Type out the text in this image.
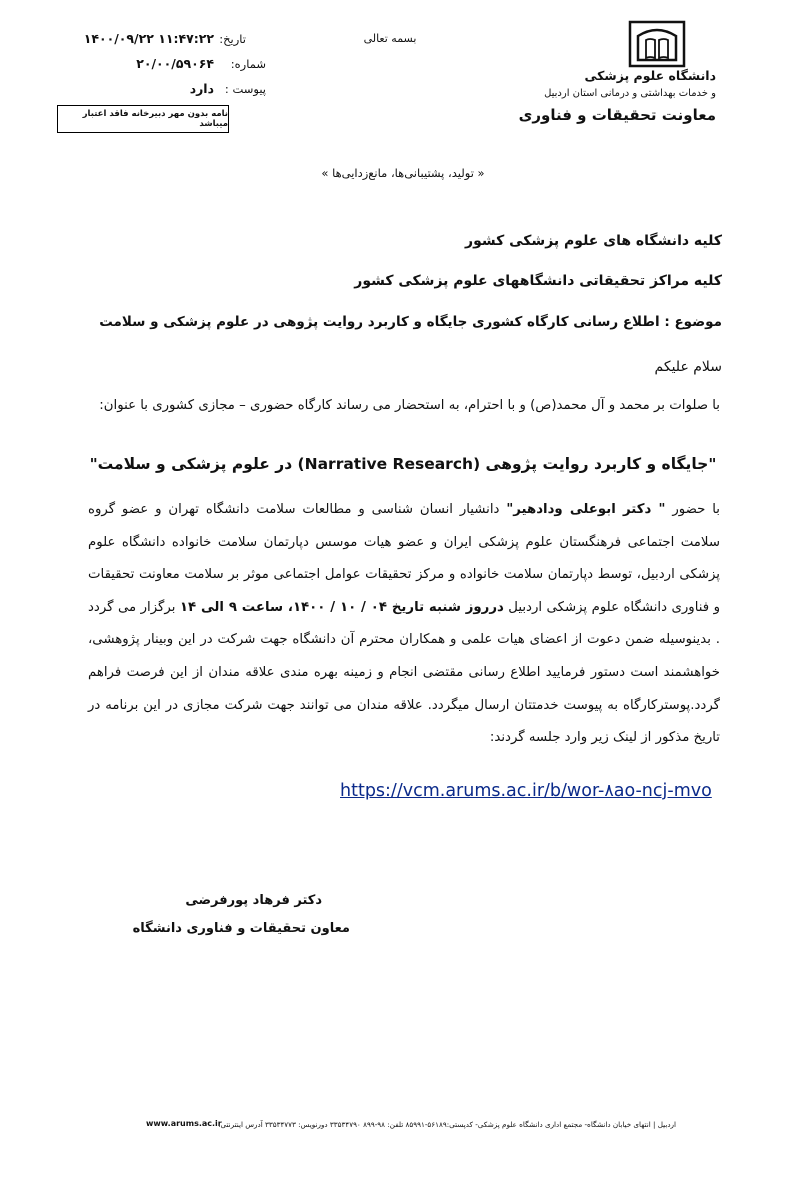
دانشگاه علوم پزشکی
و خدمات بهداشتی و درمانی استان اردبیل
معاونت تحقیقات و فناوری
بسمه تعالی
تاریخ:
۱۴۰۰/۰۹/۲۲ ۱۱:۴۷:۲۲
شماره:
۲۰/۰۰/۵۹۰۶۴
پیوست :
دارد
نامه بدون مهر دبیرخانه فاقد اعتبار میباشد
« تولید، پشتیبانی‌ها، مانع‌زدایی‌ها »
کلیه دانشگاه های علوم پزشکی کشور
کلیه مراکز تحقیقاتی دانشگاههای علوم پزشکی کشور
موضوع : اطلاع رسانی کارگاه کشوری جایگاه و کاربرد روایت پژوهی در علوم پزشکی و سلامت
سلام علیکم
با صلوات بر محمد و آل محمد(ص) و با احترام، به استحضار می رساند کارگاه حضوری – مجازی کشوری با عنوان:
"جایگاه و کاربرد روایت پژوهی (Narrative Research) در علوم پزشکی و سلامت"
با حضور " دکتر ابوعلی ودادهیر" دانشیار انسان شناسی و مطالعات سلامت دانشگاه تهران و عضو گروه سلامت اجتماعی فرهنگستان علوم پزشکی ایران و عضو هیات موسس دپارتمان سلامت خانواده دانشگاه علوم پزشکی اردبیل، توسط دپارتمان سلامت خانواده و مرکز تحقیقات عوامل اجتماعی موثر بر سلامت معاونت تحقیقات و فناوری دانشگاه علوم پزشکی اردبیل درروز شنبه تاریخ ۰۴ / ۱۰ / ۱۴۰۰، ساعت ۹ الی ۱۴ برگزار می گردد . بدینوسیله ضمن دعوت از اعضای هیات علمی و همکاران محترم آن دانشگاه جهت شرکت در این وبینار پژوهشی، خواهشمند است دستور فرمایید اطلاع رسانی مقتضی انجام و زمینه بهره مندی علاقه مندان از این فرصت فراهم گردد.پوسترکارگاه به پیوست خدمتتان ارسال میگردد. علاقه مندان می توانند جهت شرکت مجازی در این برنامه در تاریخ مذکور از لینک زیر وارد جلسه گردند:
https://vcm.arums.ac.ir/b/wor-۸ao-ncj-mvo
دکتر فرهاد پورفرضی
معاون تحقیقات و فناوری دانشگاه
اردبیل | انتهای خیابان دانشگاه- مجتمع اداری دانشگاه علوم پزشکی- کدپستی:۵۶۱۸۹-۸۵۹۹۱ تلفن: ۹۸-۸۹۹ ۳۳۵۳۴۷۹۰ دورنویس: ۳۳۵۳۴۷۷۳ آدرس اینترنتی:
www.arums.ac.ir
